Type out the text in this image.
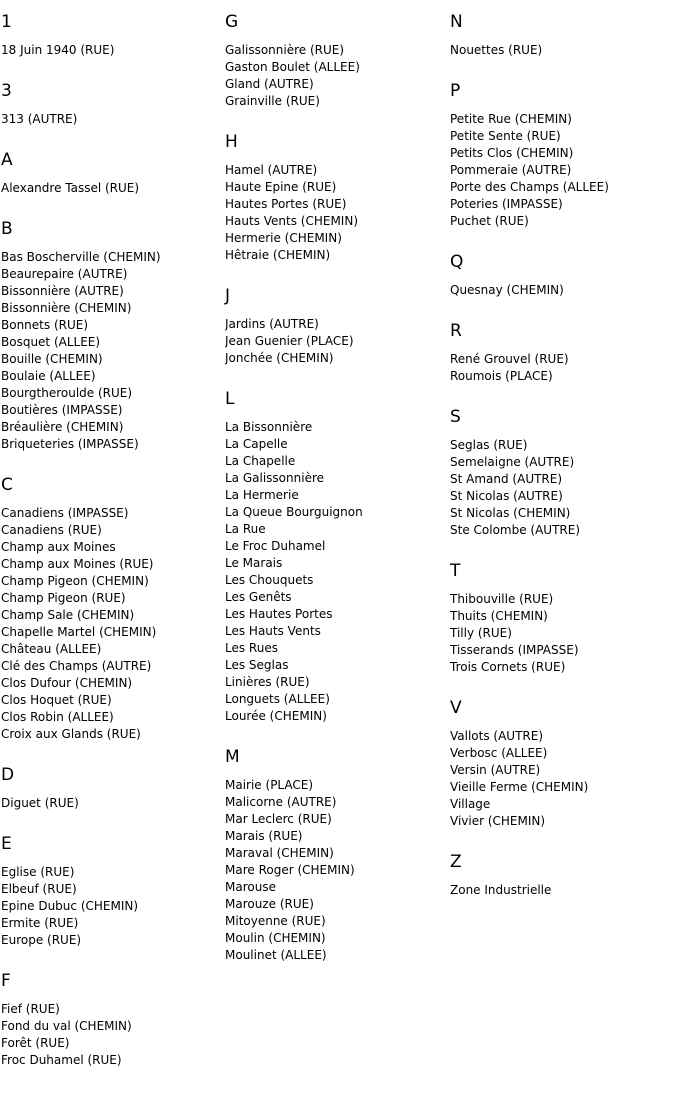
1
18 Juin 1940 (RUE)
3
313 (AUTRE)
A
Alexandre Tassel (RUE)
B
Bas Boscherville (CHEMIN)
Beaurepaire (AUTRE)
Bissonnière (AUTRE)
Bissonnière (CHEMIN)
Bonnets (RUE)
Bosquet (ALLEE)
Bouille (CHEMIN)
Boulaie (ALLEE)
Bourgtheroulde (RUE)
Boutières (IMPASSE)
Bréaulière (CHEMIN)
Briqueteries (IMPASSE)
C
Canadiens (IMPASSE)
Canadiens (RUE)
Champ aux Moines
Champ aux Moines (RUE)
Champ Pigeon (CHEMIN)
Champ Pigeon (RUE)
Champ Sale (CHEMIN)
Chapelle Martel (CHEMIN)
Château (ALLEE)
Clé des Champs (AUTRE)
Clos Dufour (CHEMIN)
Clos Hoquet (RUE)
Clos Robin (ALLEE)
Croix aux Glands (RUE)
D
Diguet (RUE)
E
Eglise (RUE)
Elbeuf (RUE)
Epine Dubuc (CHEMIN)
Ermite (RUE)
Europe (RUE)
F
Fief (RUE)
Fond du val (CHEMIN)
Forêt (RUE)
Froc Duhamel (RUE)
G
Galissonnière (RUE)
Gaston Boulet (ALLEE)
Gland (AUTRE)
Grainville (RUE)
H
Hamel (AUTRE)
Haute Epine (RUE)
Hautes Portes (RUE)
Hauts Vents (CHEMIN)
Hermerie (CHEMIN)
Hêtraie (CHEMIN)
J
Jardins (AUTRE)
Jean Guenier (PLACE)
Jonchée (CHEMIN)
L
La Bissonnière
La Capelle
La Chapelle
La Galissonnière
La Hermerie
La Queue Bourguignon
La Rue
Le Froc Duhamel
Le Marais
Les Chouquets
Les Genêts
Les Hautes Portes
Les Hauts Vents
Les Rues
Les Seglas
Linières (RUE)
Longuets (ALLEE)
Lourée (CHEMIN)
M
Mairie (PLACE)
Malicorne (AUTRE)
Mar Leclerc (RUE)
Marais (RUE)
Maraval (CHEMIN)
Mare Roger (CHEMIN)
Marouse
Marouze (RUE)
Mitoyenne (RUE)
Moulin (CHEMIN)
Moulinet (ALLEE)
N
Nouettes (RUE)
P
Petite Rue (CHEMIN)
Petite Sente (RUE)
Petits Clos (CHEMIN)
Pommeraie (AUTRE)
Porte des Champs (ALLEE)
Poteries (IMPASSE)
Puchet (RUE)
Q
Quesnay (CHEMIN)
R
René Grouvel (RUE)
Roumois (PLACE)
S
Seglas (RUE)
Semelaigne (AUTRE)
St Amand (AUTRE)
St Nicolas (AUTRE)
St Nicolas (CHEMIN)
Ste Colombe (AUTRE)
T
Thibouville (RUE)
Thuits (CHEMIN)
Tilly (RUE)
Tisserands (IMPASSE)
Trois Cornets (RUE)
V
Vallots (AUTRE)
Verbosc (ALLEE)
Versin (AUTRE)
Vieille Ferme (CHEMIN)
Village
Vivier (CHEMIN)
Z
Zone Industrielle
